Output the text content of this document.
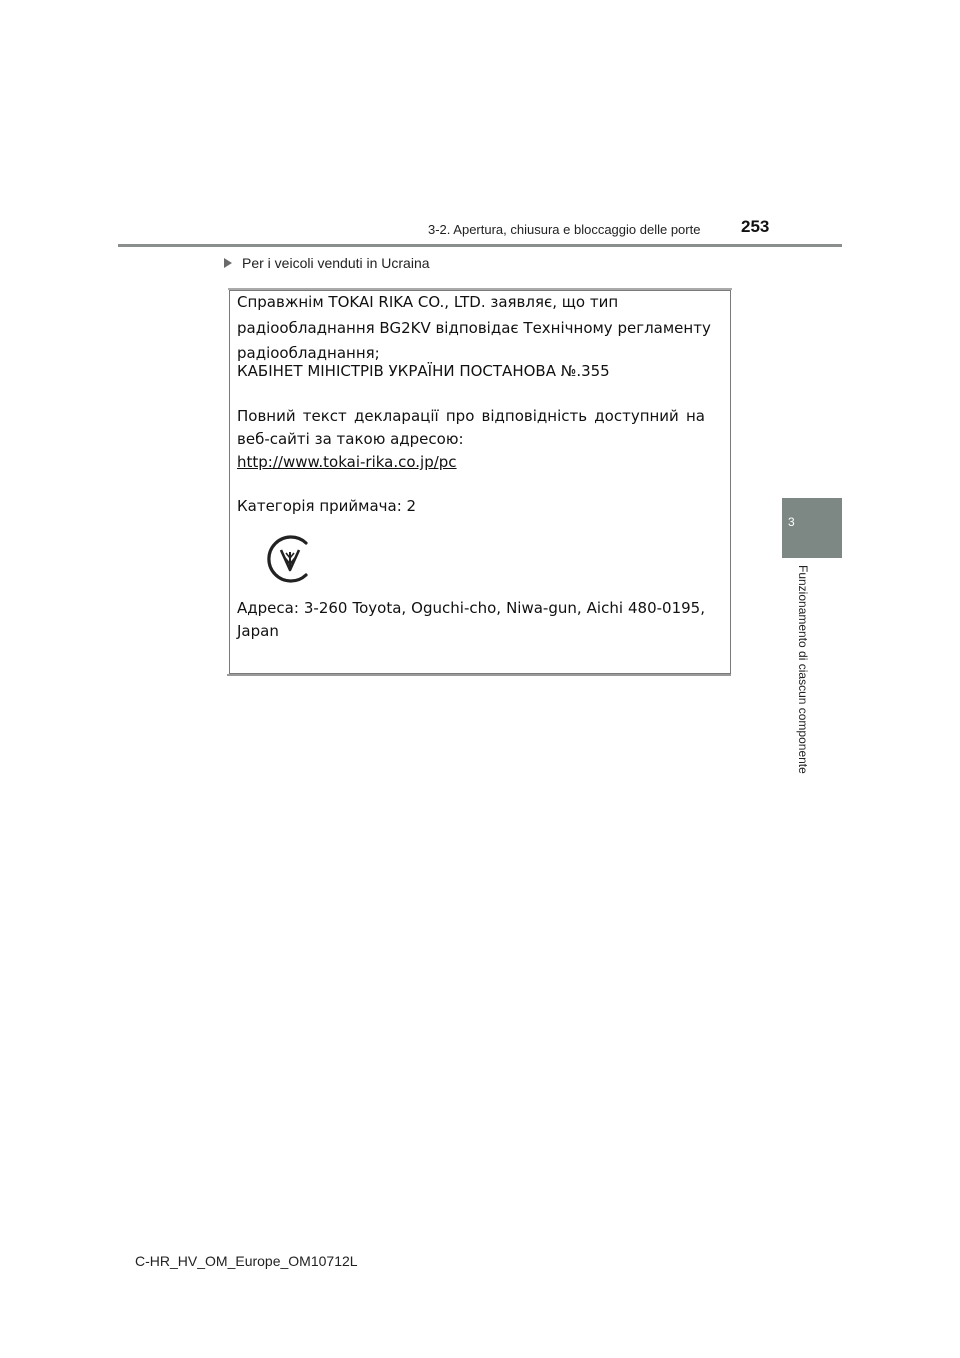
3-2. Apertura, chiusura e bloccaggio delle porte 253
3
Funzionamento di ciascun componente
Per i veicoli venduti in Ucraina
Справжнім TOKAI RIKA CO., LTD. заявляє, що тип
радіообладнання BG2KV відповідає Технічному регламенту
радіообладнання;
КАБІНЕТ МІНІСТРІВ УКРАЇНИ ПОСТАНОВА №.355
Повний текст декларації про відповідність доступний на
веб-сайті за такою адресою:
http://www.tokai-rika.co.jp/pc
Категорія приймача: 2
Адреса: 3-260 Toyota, Oguchi-cho, Niwa-gun, Aichi 480-0195,
Japan
C-HR_HV_OM_Europe_OM10712L
